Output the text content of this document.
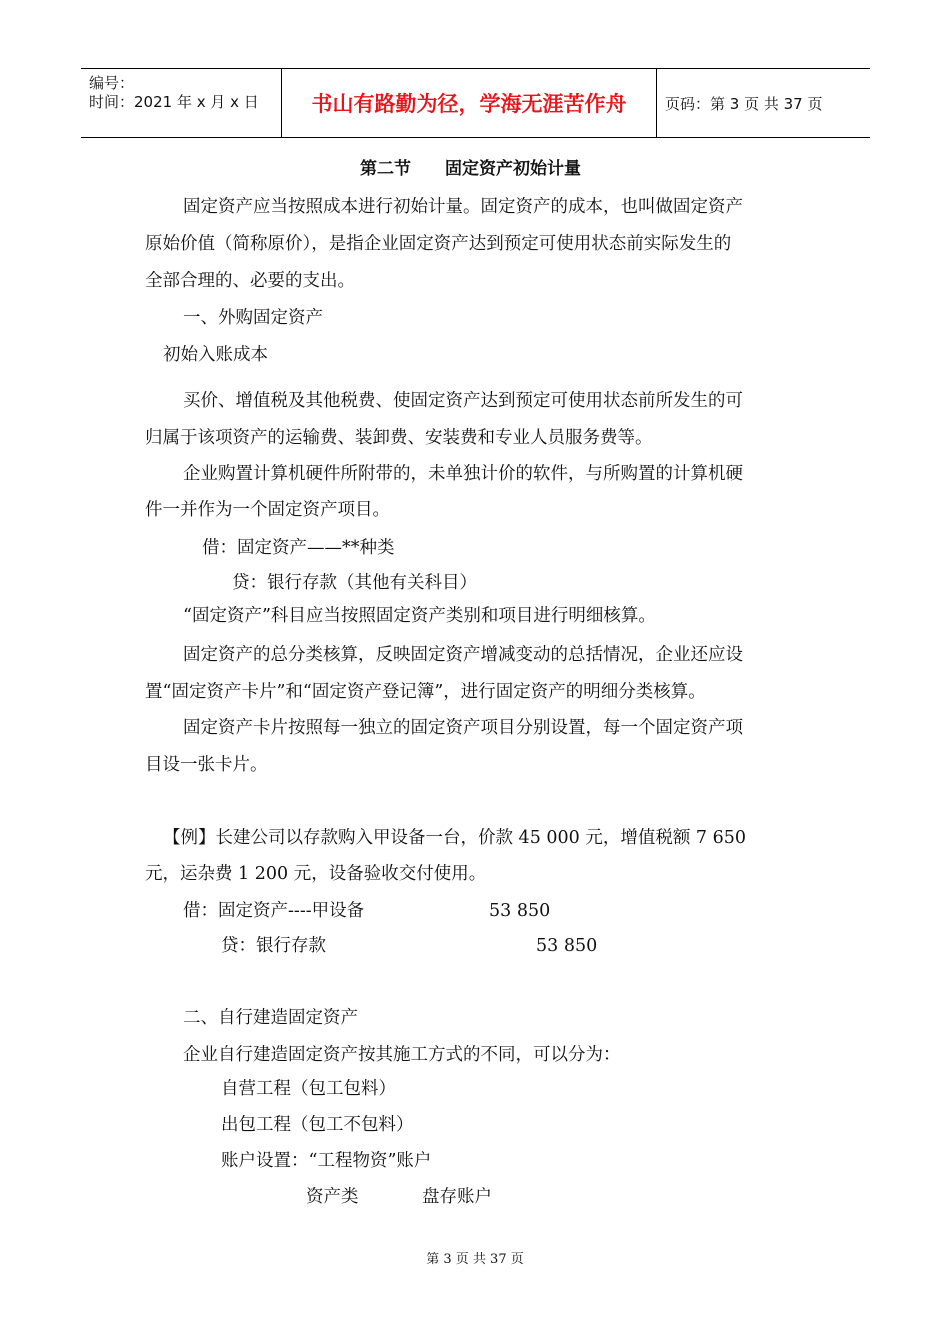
编号：
时间：2021 年 x 月 x 日	书山有路勤为径，学海无涯苦作舟	页码：第 3 页 共 37 页
第二节　　固定资产初始计量
固定资产应当按照成本进行初始计量。固定资产的成本，也叫做固定资产
原始价值（简称原价），是指企业固定资产达到预定可使用状态前实际发生的
全部合理的、必要的支出。
一、外购固定资产
初始入账成本
买价、增值税及其他税费、使固定资产达到预定可使用状态前所发生的可
归属于该项资产的运输费、装卸费、安装费和专业人员服务费等。
企业购置计算机硬件所附带的，未单独计价的软件，与所购置的计算机硬
件一并作为一个固定资产项目。
借：固定资产——**种类
贷：银行存款（其他有关科目）
“固定资产”科目应当按照固定资产类别和项目进行明细核算。
固定资产的总分类核算，反映固定资产增减变动的总括情况，企业还应设
置“固定资产卡片”和“固定资产登记簿”，进行固定资产的明细分类核算。
固定资产卡片按照每一独立的固定资产项目分别设置，每一个固定资产项
目设一张卡片。
【例】长建公司以存款购入甲设备一台，价款 45 000 元，增值税额 7 650
元，运杂费 1 200 元，设备验收交付使用。
借：固定资产----甲设备	53 850
贷：银行存款	53 850
二、自行建造固定资产
企业自行建造固定资产按其施工方式的不同，可以分为：
自营工程（包工包料）
出包工程（包工不包料）
账户设置：“工程物资”账户
资产类	盘存账户
第 3 页 共 37 页
